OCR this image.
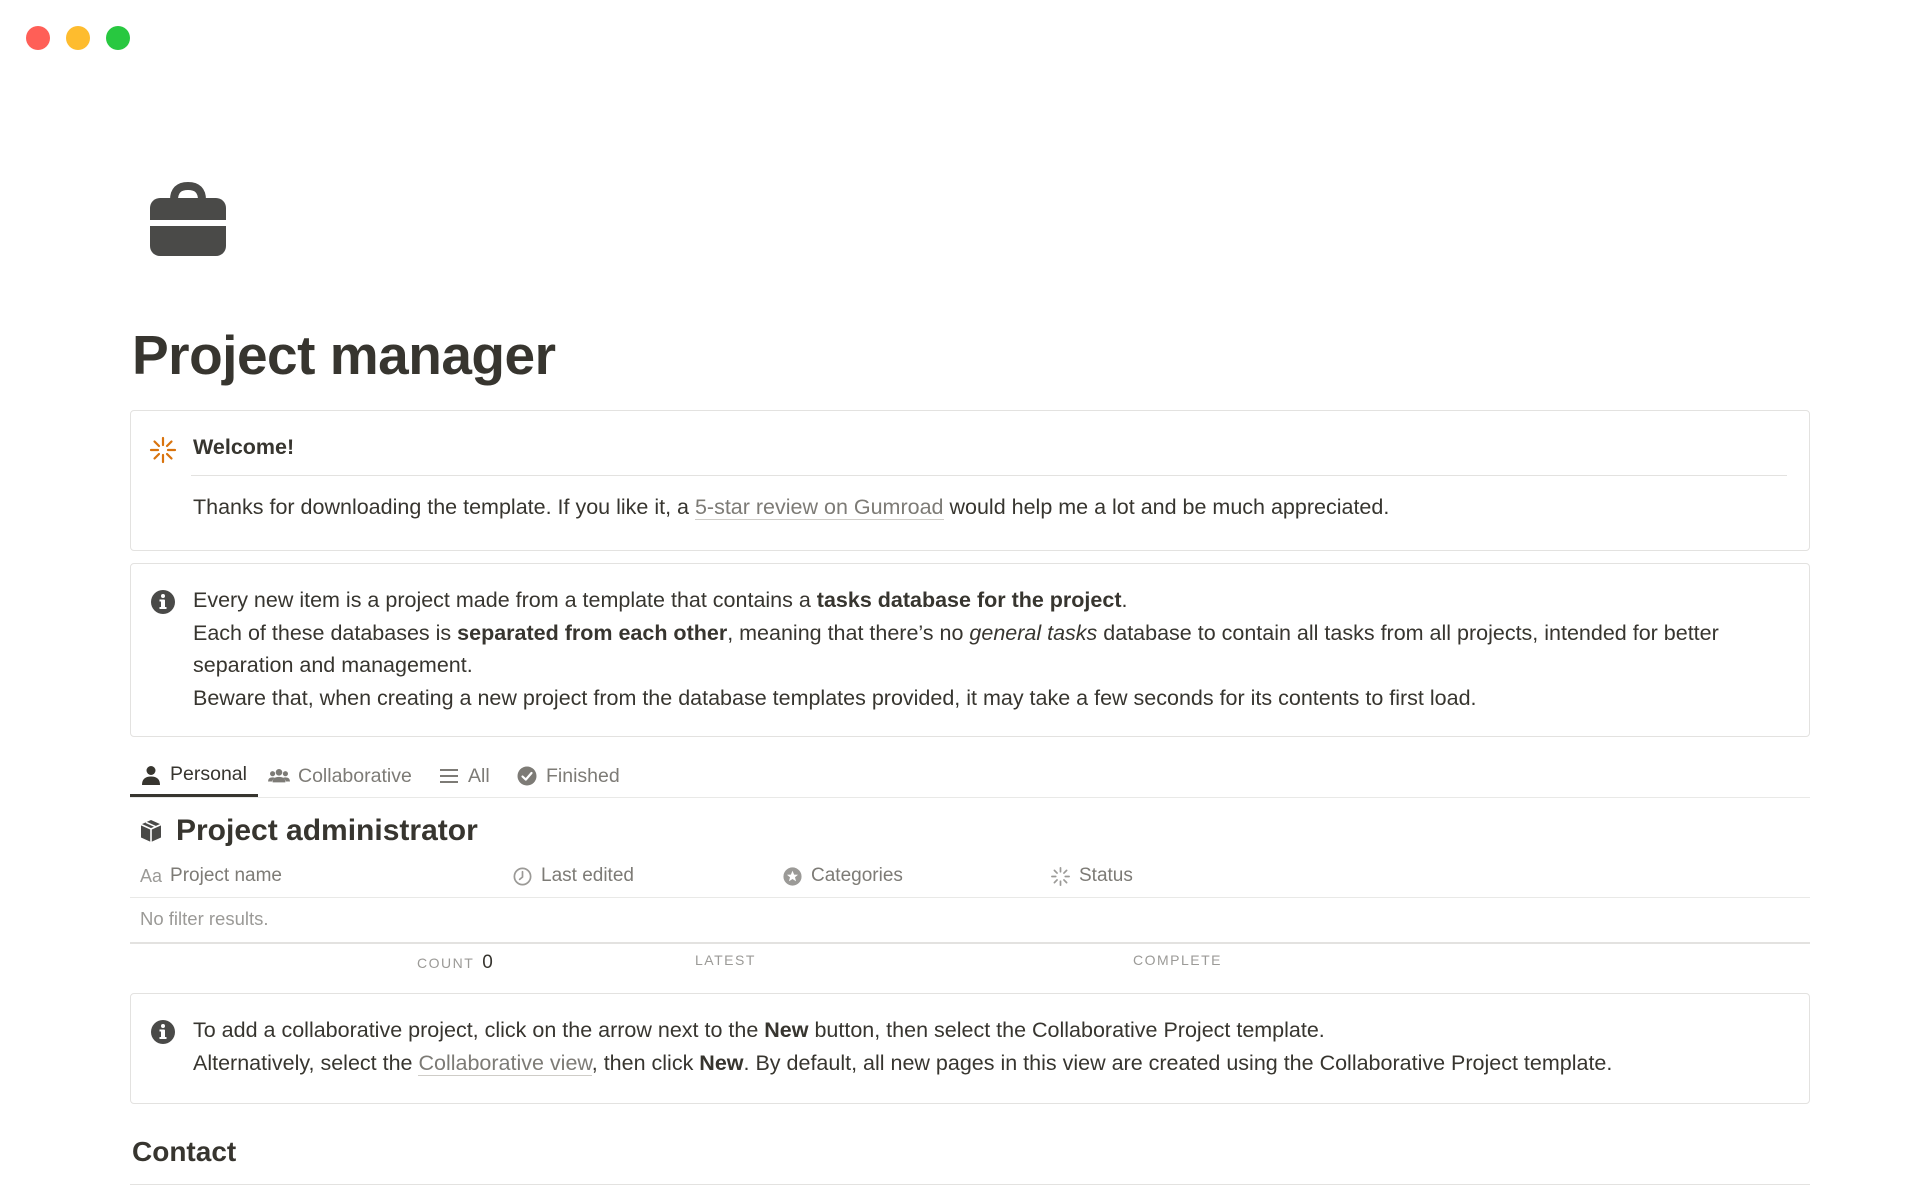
Project manager
Welcome!
Thanks for downloading the template. If you like it, a 5-star review on Gumroad would help me a lot and be much appreciated.
Every new item is a project made from a template that contains a tasks database for the project.
Each of these databases is separated from each other, meaning that there’s no general tasks database to contain all tasks from all projects, intended for better separation and management.
Beware that, when creating a new project from the database templates provided, it may take a few seconds for its contents to first load.
Personal	Collaborative	All	Finished
Project administrator
Aa Project name	Last edited	Categories	Status
No filter results.
COUNT 0	LATEST	COMPLETE
To add a collaborative project, click on the arrow next to the New button, then select the Collaborative Project template.
Alternatively, select the Collaborative view, then click New. By default, all new pages in this view are created using the Collaborative Project template.
Contact
